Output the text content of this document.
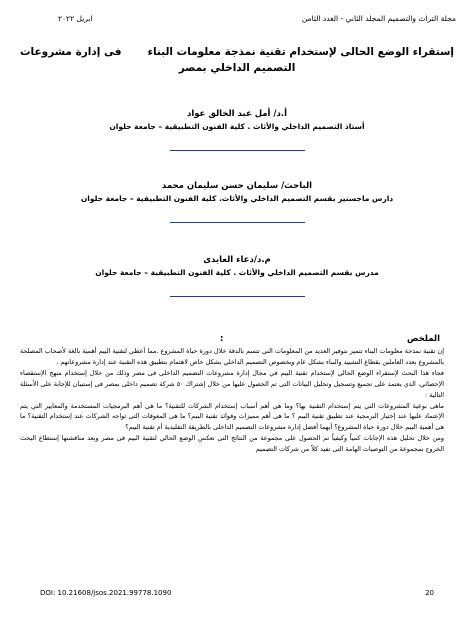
مجلة التراث والتصميم المجلد الثاني - العدد الثامن
ابريل ٢٠٢٢
إستقراء الوضع الحالى لإستخدام تقنية نمذجة معلومات البناء
فى إدارة مشروعات
التصميم الداخلي بمصر
أ.د/ أمل عبد الخالق عواد
أستاذ التصميم الداخلي والأثاث . كلية الفنون التطبيقية – جامعة حلوان
الباحث/ سليمان حسن سليمان محمد
دارس ماجستير بقسم التصميم الداخلي والأثاث. كلية الفنون التطبيقية – جامعة حلوان
م.د/دعاء العايدى
مدرس بقسم التصميم الداخلي والأثاث . كلية الفنون التطبيقية – جامعة حلوان
الملخص
:

إن تقنية نمذجة معلومات البناء تتميز بتوفير العديد من المعلومات التي تتسم بالدقة خلال دورة حياة المشروع .مما أعطي لتقنية البيم أهمية بالغة لأصحاب المصلحة بالمشروع بعدد العاملين بقطاع التشييد والبناء بشكل عام وبخصوص التصميم الداخلي بشكل خاص لاهتمام بتطبيق هذه التقنية عند إدارة مشروعاتهم .

فجاء هذا البحث لإستقراء الوضع الحالي لإستخدام تقنية البيم في مجال إدارة مشروعات التصميم الداخلى فى مصر وذلك من خلال إستخدام منهج الإستقصاء الإحصائي، الذي يعتمد على تجميع وتسجيل وتحليل البيانات التى تم الحصول عليها من خلال إشتراك ٥٠ شركة تصميم داخلى بمصر فى إستبيان للإجابة على الأسئلة التالية :

ماهى نوعية المشروعات التي يتم إستخدام التقنية بها؟ وما هي أهم أسباب إستخدام الشركات للتقنية؟ ما هى أهم البرمجيات المستخدمة والمعايير التي يتم الإعتماد عليها عند إختيار البرمجية عند تطبيق تقنية البيم ؟ ما هى أهم مميزات وفوائد تقنية البيم؟ ما هى المعوقات التى تواجه الشركات عند إستخدام التقنية؟ ما هى أهمية البيم خلال دورة حياة المشروع؟ أيهما أفضل إدارة مشروعات التصميم الداخلى بالطريقة التقليدية أم تقنية البيم؟

ومن خلال تحليل هذه الإجابات كمياً وكيفياً تم الحصول على مجموعة من النتائج التى تعكس الوضع الحالي لتقنية البيم فى مصر وبعد مناقشتها إستطاع البحث الخروج بمجموعة من التوصيات الهامة التى تفيد كلاً من شركات التصميم

DOI: 10.21608/jsos.2021.99778.1090	20
